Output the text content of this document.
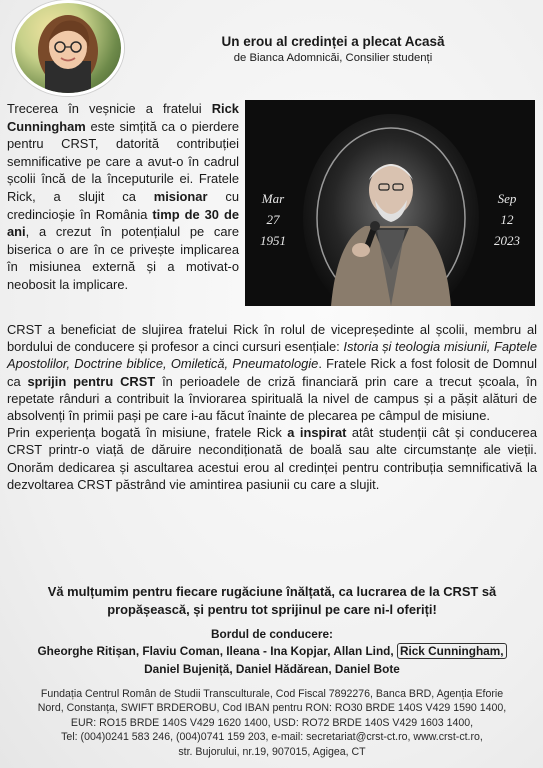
Un erou al credinței a plecat Acasă
de Bianca Adomnicăi, Consilier studenți
Trecerea în veșnicie a fratelui Rick Cunningham este simțită ca o pierdere pentru CRST, datorită contribuției semnificative pe care a avut-o în cadrul școlii încă de la începuturile ei. Fratele Rick, a slujit ca misionar cu credincioșie în România timp de 30 de ani, a crezut în potențialul pe care biserica o are în ce privește implicarea în misiunea externă și a motivat-o neobosit la implicare.
Mar
27
1951
Sep
12
2023

CRST a beneficiat de slujirea fratelui Rick în rolul de vicepreședinte al școlii, membru al bordului de conducere și profesor a cinci cursuri esențiale: Istoria și teologia misiunii, Faptele Apostolilor, Doctrine biblice, Omiletică, Pneumatologie. Fratele Rick a fost folosit de Domnul ca sprijin pentru CRST în perioadele de criză financiară prin care a trecut școala, în repetate rânduri a contribuit la înviorarea spirituală la nivel de campus și a pășit alături de absolvenți în primii pași pe care i-au făcut înainte de plecarea pe câmpul de misiune.

Prin experiența bogată în misiune, fratele Rick a inspirat atât studenții cât și conducerea CRST printr-o viață de dăruire necondiționată de boală sau alte circumstanțe ale vieții. Onorăm dedicarea și ascultarea acestui erou al credinței pentru contribuția semnificativă la dezvoltarea CRST păstrând vie amintirea pasiunii cu care a slujit.

Vă mulțumim pentru fiecare rugăciune înălțată, ca lucrarea de la CRST să
propășească, și pentru tot sprijinul pe care ni-l oferiți!
Bordul de conducere:
Gheorghe Ritișan, Flaviu Coman, Ileana - Ina Kopjar, Allan Lind, Rick Cunningham,
Daniel Bujeniță, Daniel Hădărean, Daniel Bote
Fundația Centrul Român de Studii Transculturale, Cod Fiscal 7892276, Banca BRD, Agenția Eforie
Nord, Constanța, SWIFT BRDEROBU, Cod IBAN pentru RON: RO30 BRDE 140S V429 1590 1400,
EUR: RO15 BRDE 140S V429 1620 1400, USD: RO72 BRDE 140S V429 1603 1400,
Tel: (004)0241 583 246, (004)0741 159 203, e-mail: secretariat@crst-ct.ro, www.crst-ct.ro,
str. Bujorului, nr.19, 907015, Agigea, CT
